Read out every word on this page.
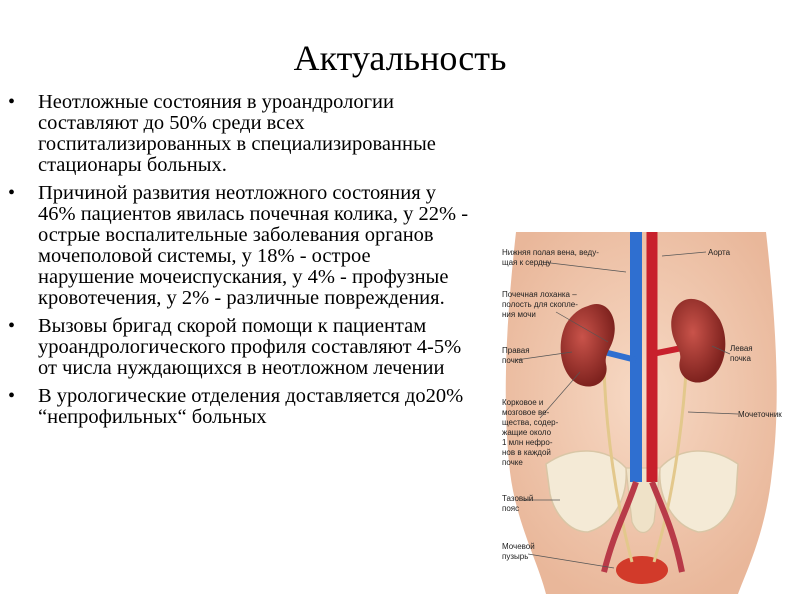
Актуальность
• Неотложные состояния в уроандрологии составляют до 50% среди всех госпитализированных в специализированные стационары больных.
• Причиной развития неотложного состояния у 46% пациентов явилась почечная колика, у 22% - острые воспалительные заболевания органов мочеполовой системы, у 18% - острое нарушение мочеиспускания, у 4% - профузные кровотечения, у 2% - различные повреждения.
• Вызовы бригад скорой помощи к пациентам уроандрологического профиля составляют 4-5% от числа нуждающихся в неотложном лечении
• В урологические отделения доставляется до20% “непрофильных“ больных
Нижняя полая вена, веду-
щая к сердцу
Аорта
Почечная лоханка –
полость для скопле-
ния мочи
Правая
почка
Левая
почка
Корковое и
мозговое ве-
щества, содер-
жащие около
1 млн нефро-
нов в каждой
почке
Мочеточник
Тазовый
пояс
Мочевой
пузырь
